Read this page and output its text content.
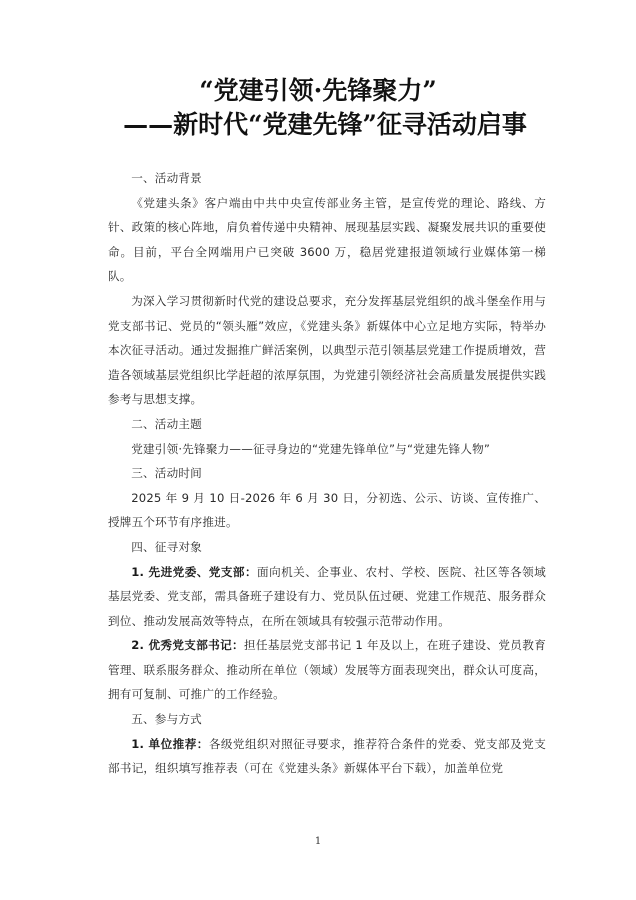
“党建引领·先锋聚力”
——新时代“党建先锋”征寻活动启事

一、活动背景

《党建头条》客户端由中共中央宣传部业务主管，是宣传党的理论、路线、方针、政策的核心阵地，肩负着传递中央精神、展现基层实践、凝聚发展共识的重要使命。目前，平台全网端用户已突破 3600 万，稳居党建报道领域行业媒体第一梯队。

为深入学习贯彻新时代党的建设总要求，充分发挥基层党组织的战斗堡垒作用与党支部书记、党员的“领头雁”效应，《党建头条》新媒体中心立足地方实际，特举办本次征寻活动。通过发掘推广鲜活案例，以典型示范引领基层党建工作提质增效，营造各领域基层党组织比学赶超的浓厚氛围，为党建引领经济社会高质量发展提供实践参考与思想支撑。

二、活动主题

党建引领·先锋聚力——征寻身边的“党建先锋单位”与“党建先锋人物”

三、活动时间

2025 年 9 月 10 日-2026 年 6 月 30 日，分初选、公示、访谈、宣传推广、授牌五个环节有序推进。

四、征寻对象

1. 先进党委、党支部：面向机关、企事业、农村、学校、医院、社区等各领域基层党委、党支部，需具备班子建设有力、党员队伍过硬、党建工作规范、服务群众到位、推动发展高效等特点，在所在领域具有较强示范带动作用。

2. 优秀党支部书记：担任基层党支部书记 1 年及以上，在班子建设、党员教育管理、联系服务群众、推动所在单位（领域）发展等方面表现突出，群众认可度高，拥有可复制、可推广的工作经验。

五、参与方式

1. 单位推荐：各级党组织对照征寻要求，推荐符合条件的党委、党支部及党支部书记，组织填写推荐表（可在《党建头条》新媒体平台下载），加盖单位党

1
